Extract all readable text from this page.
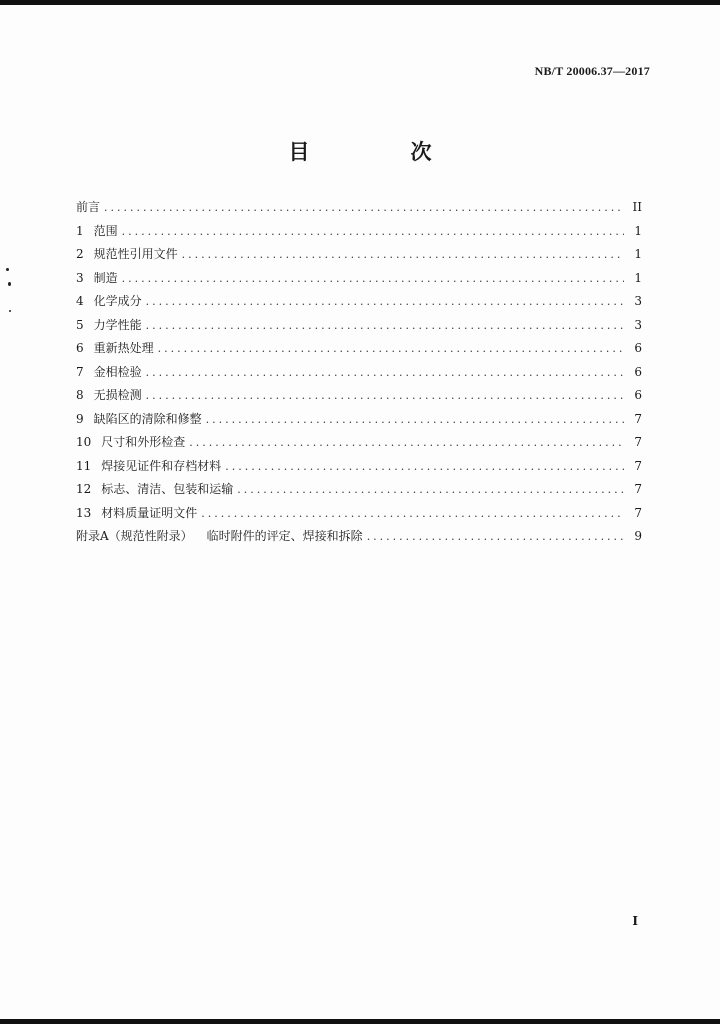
NB/T 20006.37—2017
目　次
前言 .....	II
1 范围 .....	1
2 规范性引用文件 .....	1
3 制造 .....	1
4 化学成分 .....	3
5 力学性能 .....	3
6 重新热处理 .....	6
7 金相检验 .....	6
8 无损检测 .....	6
9 缺陷区的清除和修整 .....	7
10 尺寸和外形检查 .....	7
11 焊接见证件和存档材料 .....	7
12 标志、清洁、包装和运输 .....	7
13 材料质量证明文件 .....	7
附录A（规范性附录） 临时附件的评定、焊接和拆除 .....	9
I
